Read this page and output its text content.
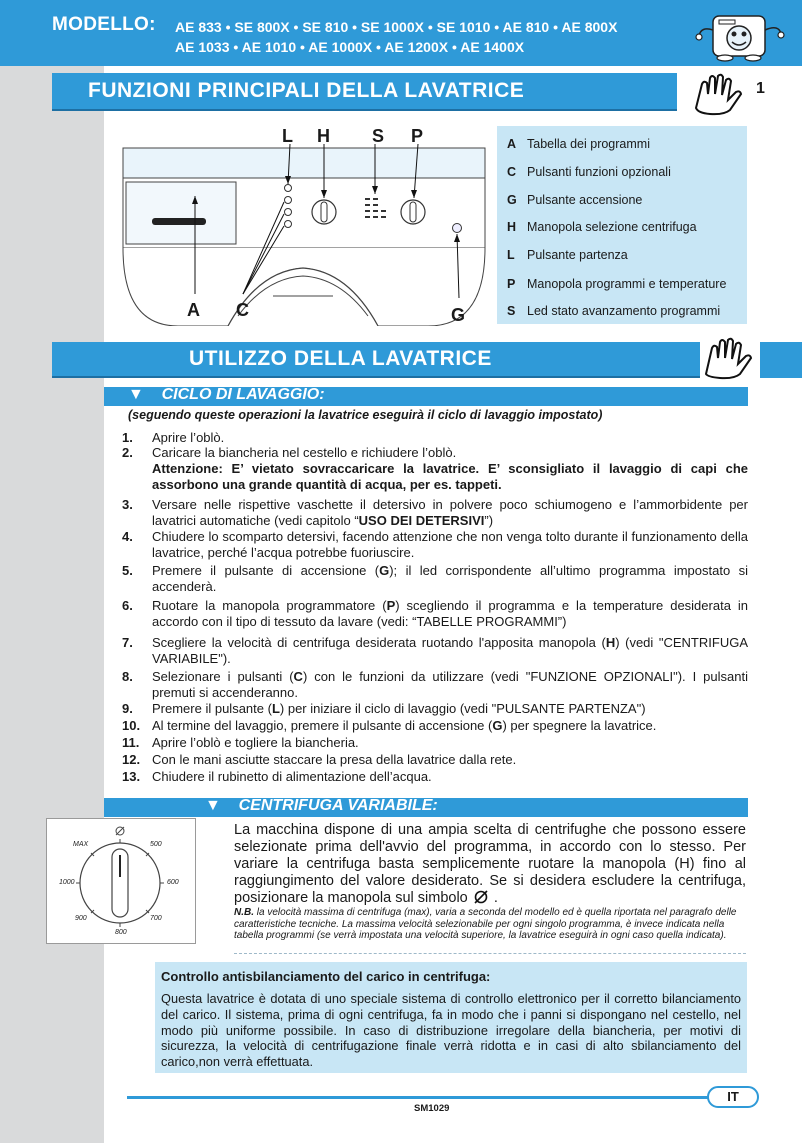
MODELLO: AE 833 • SE 800X • SE 810 • SE 1000X • SE 1010 • AE 810 • AE 800X
AE 1033 • AE 1010 • AE 1000X • AE 1200X • AE 1400X
FUNZIONI PRINCIPALI DELLA LAVATRICE	1
L H S P
A C	G
A Tabella dei programmi
C Pulsanti funzioni opzionali
G Pulsante accensione
H Manopola selezione centrifuga
L Pulsante partenza
P Manopola programmi e temperature
S Led stato avanzamento programmi
UTILIZZO DELLA LAVATRICE
▼    CICLO DI LAVAGGIO:
(seguendo queste operazioni la lavatrice eseguirà il ciclo di lavaggio impostato)
1. Aprire l’oblò.
2. Caricare la biancheria nel cestello e richiudere l’oblò.
Attenzione: E’ vietato sovraccaricare la lavatrice. E’ sconsigliato il lavaggio di capi che assorbono una grande quantità di acqua, per es. tappeti.
3. Versare nelle rispettive vaschette il detersivo in polvere poco schiumogeno e l’ammorbidente per lavatrici automatiche (vedi capitolo “USO DEI DETERSIVI”)
4. Chiudere lo scomparto detersivi, facendo attenzione che non venga tolto durante il funzionamento della lavatrice, perché l’acqua potrebbe fuoriuscire.
5. Premere il pulsante di accensione (G); il led corrispondente all’ultimo programma impostato si accenderà.
6. Ruotare la manopola programmatore (P) scegliendo il programma e la temperature desiderata in accordo con il tipo di tessuto da lavare (vedi: “TABELLE PROGRAMMI”)
7. Scegliere la velocità di centrifuga desiderata ruotando l'apposita manopola (H) (vedi "CENTRIFUGA VARIABILE").
8. Selezionare i pulsanti (C) con le funzioni da utilizzare (vedi "FUNZIONE OPZIONALI"). I pulsanti premuti si accenderanno.
9. Premere il pulsante (L) per iniziare il ciclo di lavaggio (vedi "PULSANTE PARTENZA")
10. Al termine del lavaggio, premere il pulsante di accensione (G) per spegnere la lavatrice.
11. Aprire l’oblò e togliere la biancheria.
12. Con le mani asciutte staccare la presa della lavatrice dalla rete.
13. Chiudere il rubinetto di alimentazione dell’acqua.
▼    CENTRIFUGA VARIABILE:
MAX	500
1000	600
900	700
800
La macchina dispone di una ampia scelta di centrifughe che possono essere selezionate prima dell'avvio del programma, in accordo con lo stesso. Per variare la centrifuga basta semplicemente ruotare la manopola (H) fino al raggiungimento del valore desiderato. Se si desidera escludere la centrifuga, posizionare la manopola sul simbolo .
N.B. la velocità massima di centrifuga (max), varia a seconda del modello ed è quella riportata nel paragrafo delle caratteristiche tecniche. La massima velocità selezionabile per ogni singolo programma, è invece indicata nella tabella programmi (se verrà impostata una velocità superiore, la lavatrice eseguirà in ogni caso quella indicata).
Controllo antisbilanciamento del carico in centrifuga:
Questa lavatrice è dotata di uno speciale sistema di controllo elettronico per il corretto bilanciamento del carico. Il sistema, prima di ogni centrifuga, fa in modo che i panni si dispongano nel cestello, nel modo più uniforme possibile. In caso di distribuzione irregolare della biancheria, per motivi di sicurezza, la velocità di centrifugazione finale verrà ridotta e in casi di alto sbilanciamento del carico,non verrà effettuata.
IT
SM1029
